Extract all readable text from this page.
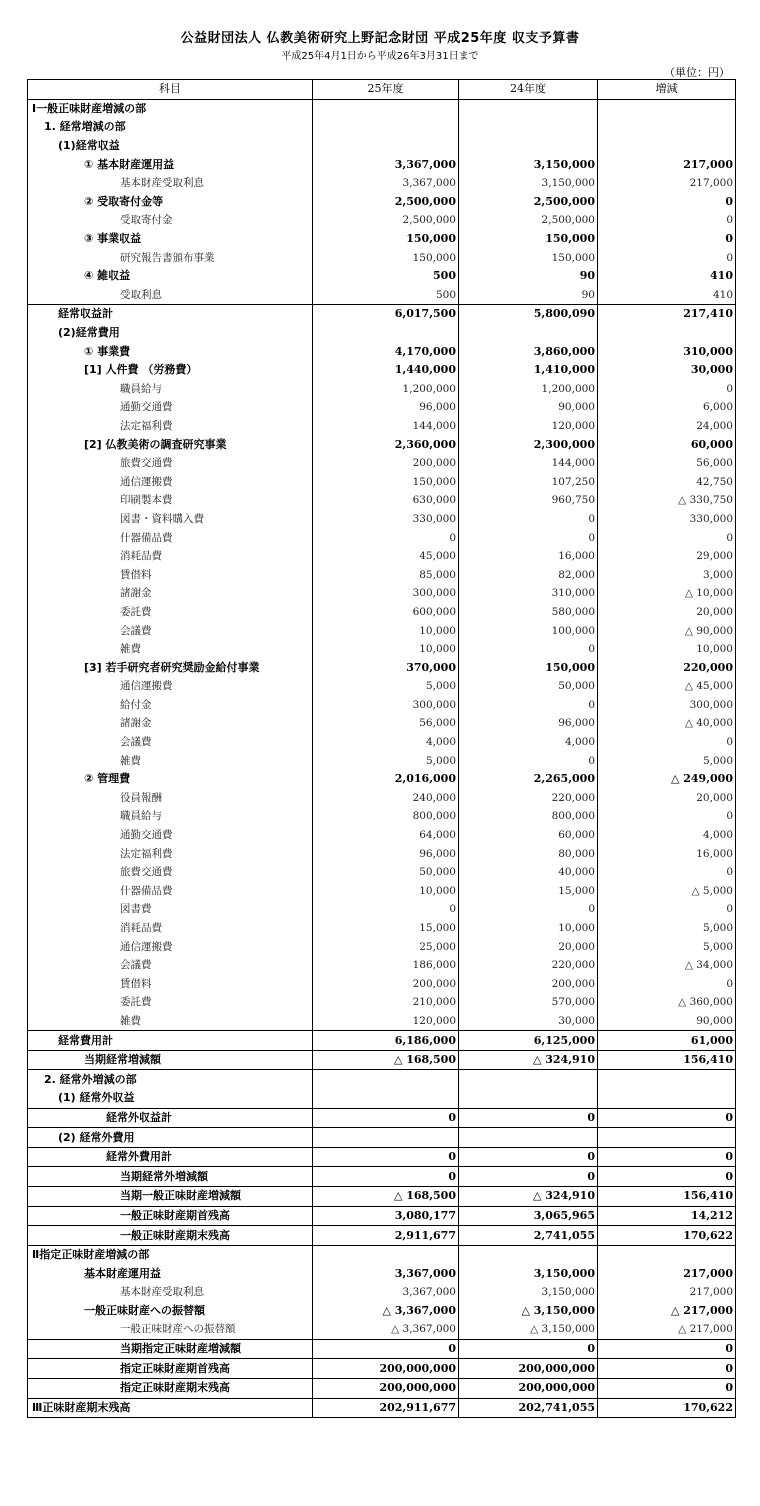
公益財団法人 仏教美術研究上野記念財団 平成25年度 収支予算書
平成25年4月1日から平成26年3月31日まで
（単位：円）
科目	25年度	24年度	増減
Ⅰ一般正味財産増減の部			
1. 経常増減の部			
(1)経常収益			
① 基本財産運用益	3,367,000	3,150,000	217,000
基本財産受取利息	3,367,000	3,150,000	217,000
② 受取寄付金等	2,500,000	2,500,000	0
受取寄付金	2,500,000	2,500,000	0
③ 事業収益	150,000	150,000	0
研究報告書頒布事業	150,000	150,000	0
④ 雑収益	500	90	410
受取利息	500	90	410
経常収益計	6,017,500	5,800,090	217,410
(2)経常費用			
① 事業費	4,170,000	3,860,000	310,000
[1] 人件費 （労務費）	1,440,000	1,410,000	30,000
職員給与	1,200,000	1,200,000	0
通勤交通費	96,000	90,000	6,000
法定福利費	144,000	120,000	24,000
[2] 仏教美術の調査研究事業	2,360,000	2,300,000	60,000
旅費交通費	200,000	144,000	56,000
通信運搬費	150,000	107,250	42,750
印刷製本費	630,000	960,750	△ 330,750
図書・資料購入費	330,000	0	330,000
什器備品費	0	0	0
消耗品費	45,000	16,000	29,000
賃借料	85,000	82,000	3,000
諸謝金	300,000	310,000	△ 10,000
委託費	600,000	580,000	20,000
会議費	10,000	100,000	△ 90,000
雑費	10,000	0	10,000
[3] 若手研究者研究奨励金給付事業	370,000	150,000	220,000
通信運搬費	5,000	50,000	△ 45,000
給付金	300,000	0	300,000
諸謝金	56,000	96,000	△ 40,000
会議費	4,000	4,000	0
雑費	5,000	0	5,000
② 管理費	2,016,000	2,265,000	△ 249,000
役員報酬	240,000	220,000	20,000
職員給与	800,000	800,000	0
通勤交通費	64,000	60,000	4,000
法定福利費	96,000	80,000	16,000
旅費交通費	50,000	40,000	0
什器備品費	10,000	15,000	△ 5,000
図書費	0	0	0
消耗品費	15,000	10,000	5,000
通信運搬費	25,000	20,000	5,000
会議費	186,000	220,000	△ 34,000
賃借料	200,000	200,000	0
委託費	210,000	570,000	△ 360,000
雑費	120,000	30,000	90,000
経常費用計	6,186,000	6,125,000	61,000
当期経常増減額	△ 168,500	△ 324,910	156,410
2. 経常外増減の部			
(1) 経常外収益			
経常外収益計	0	0	0
(2) 経常外費用			
経常外費用計	0	0	0
当期経常外増減額	0	0	0
当期一般正味財産増減額	△ 168,500	△ 324,910	156,410
一般正味財産期首残高	3,080,177	3,065,965	14,212
一般正味財産期末残高	2,911,677	2,741,055	170,622
Ⅱ指定正味財産増減の部			
基本財産運用益	3,367,000	3,150,000	217,000
基本財産受取利息	3,367,000	3,150,000	217,000
一般正味財産への振替額	△ 3,367,000	△ 3,150,000	△ 217,000
一般正味財産への振替額	△ 3,367,000	△ 3,150,000	△ 217,000
当期指定正味財産増減額	0	0	0
指定正味財産期首残高	200,000,000	200,000,000	0
指定正味財産期末残高	200,000,000	200,000,000	0
Ⅲ正味財産期末残高	202,911,677	202,741,055	170,622
